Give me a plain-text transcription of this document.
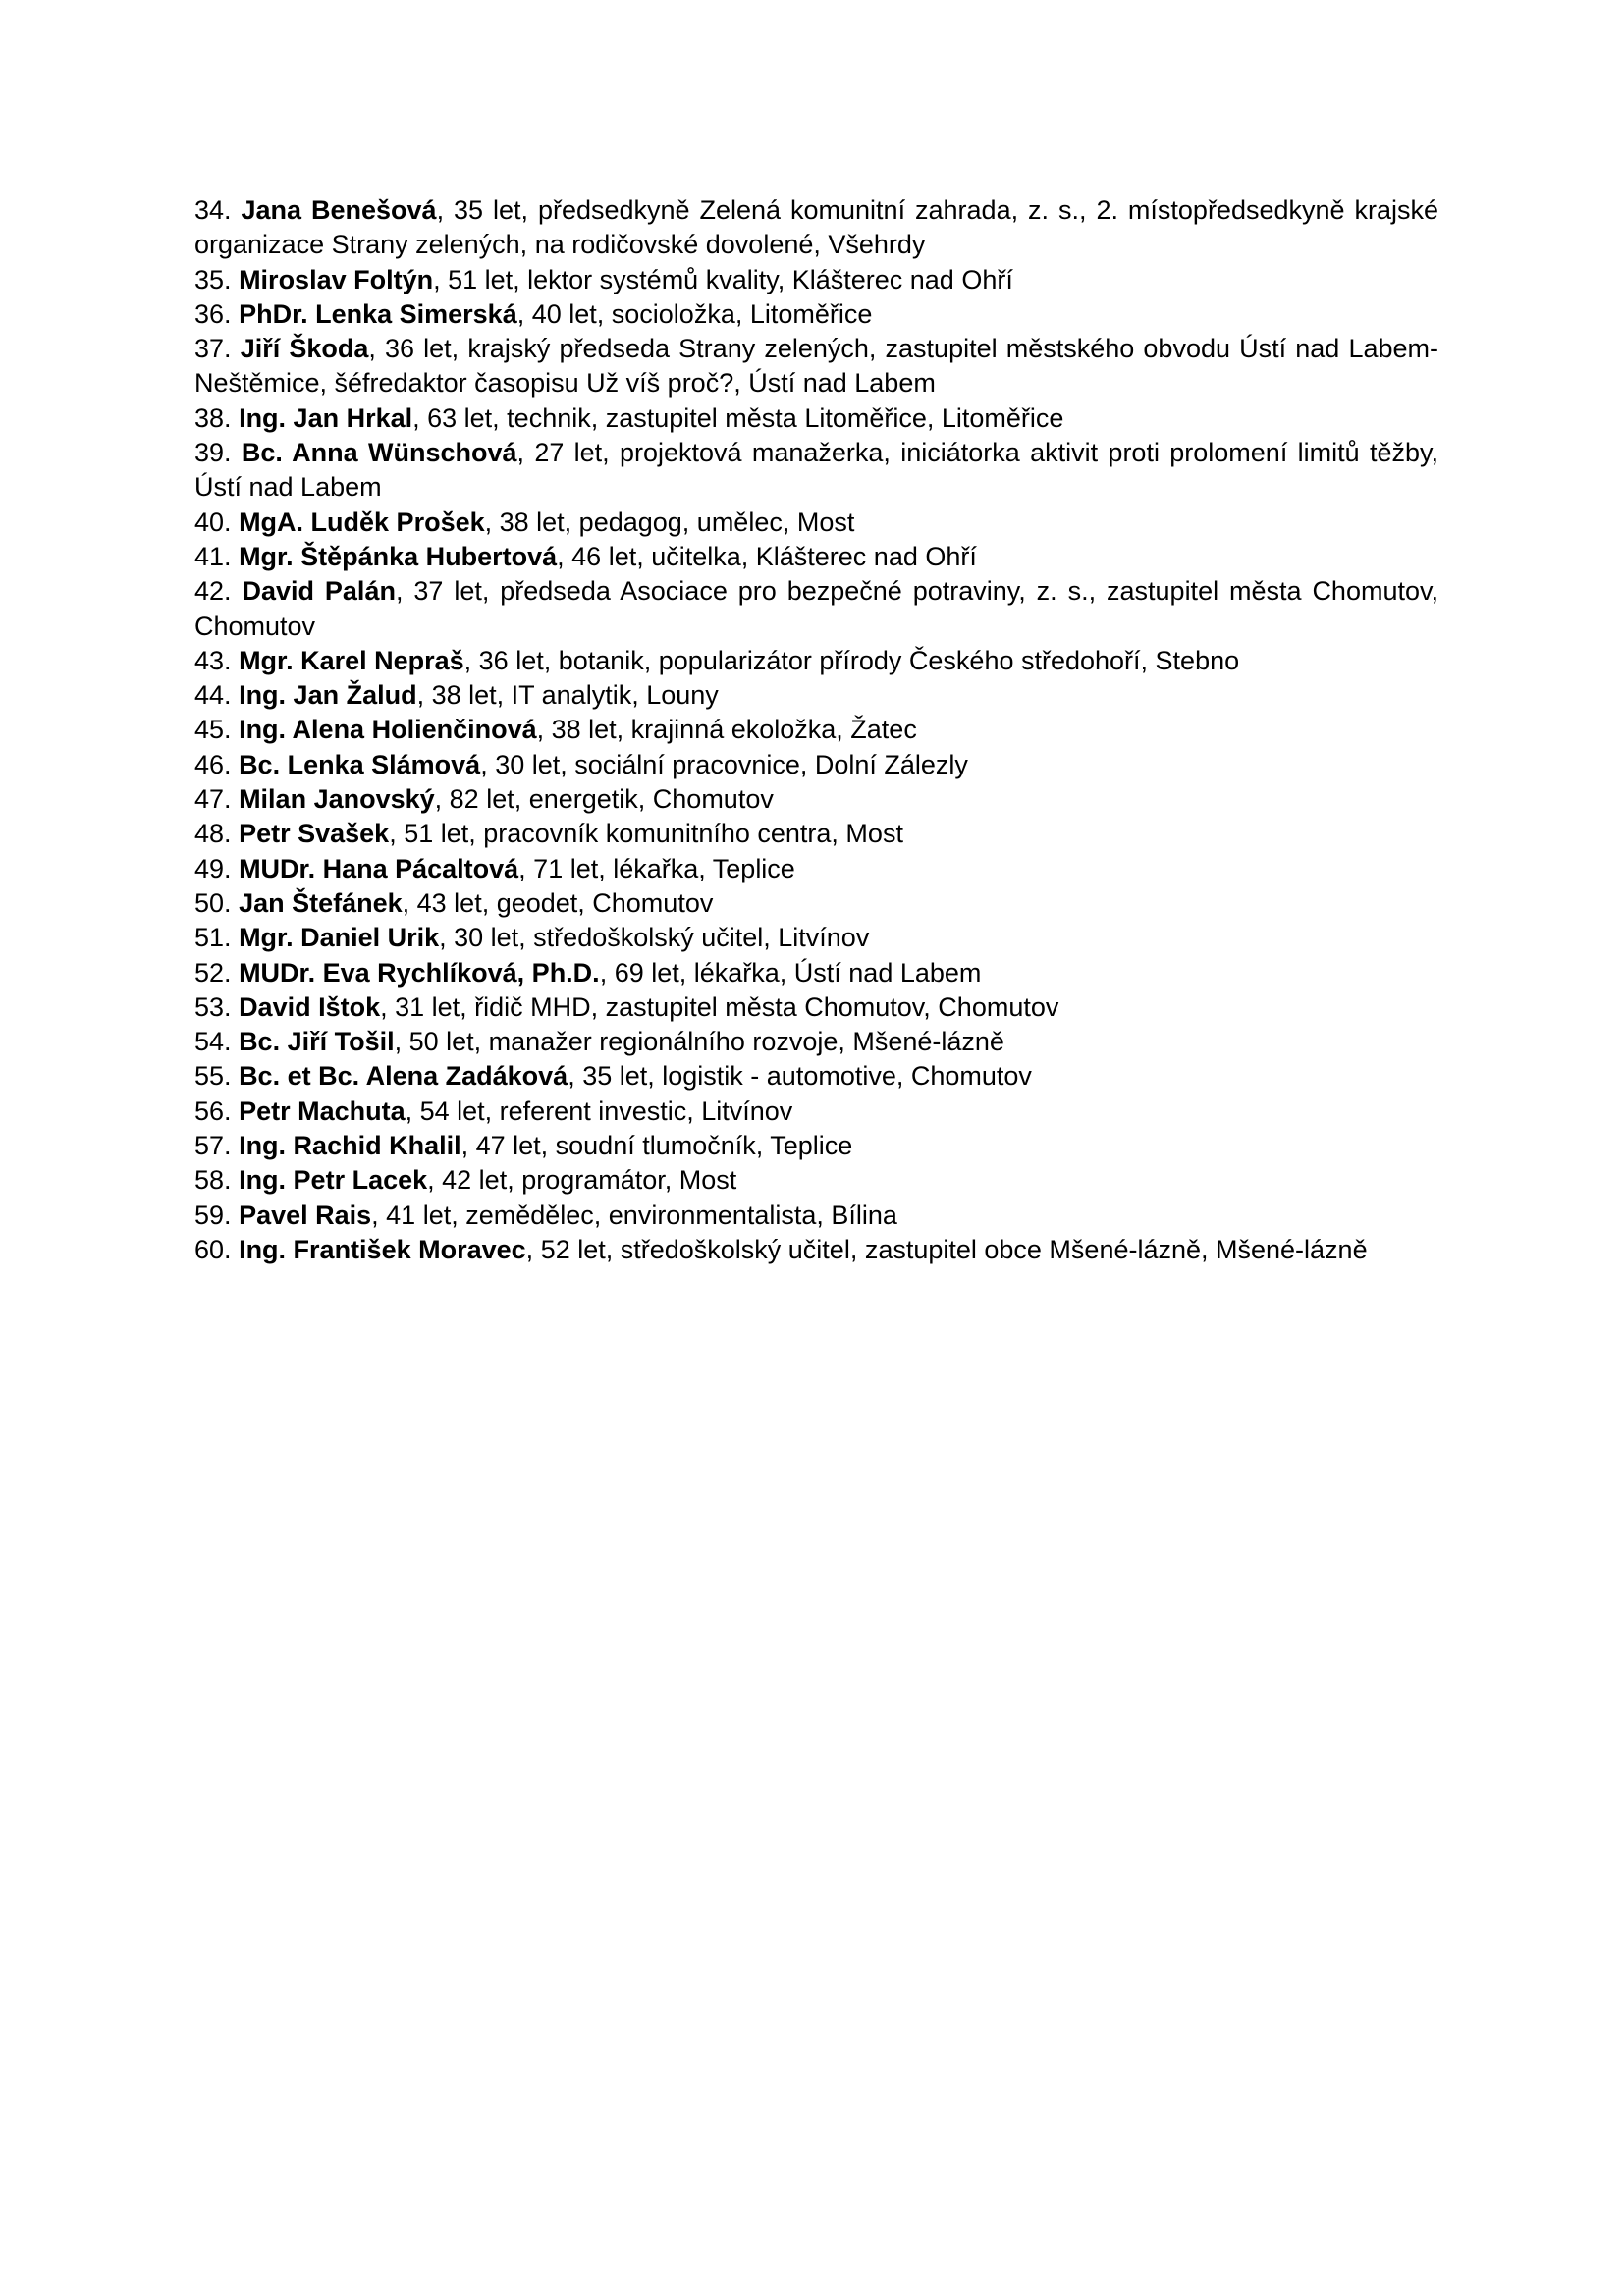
34. Jana Benešová, 35 let, předsedkyně Zelená komunitní zahrada, z. s., 2. místopředsedkyně krajské organizace Strany zelených, na rodičovské dovolené, Všehrdy

35. Miroslav Foltýn, 51 let, lektor systémů kvality, Klášterec nad Ohří

36. PhDr. Lenka Simerská, 40 let, socioložka, Litoměřice

37. Jiří Škoda, 36 let, krajský předseda Strany zelených, zastupitel městského obvodu Ústí nad Labem-Neštěmice, šéfredaktor časopisu Už víš proč?, Ústí nad Labem

38. Ing. Jan Hrkal, 63 let, technik, zastupitel města Litoměřice, Litoměřice

39. Bc. Anna Wünschová, 27 let, projektová manažerka, iniciátorka aktivit proti prolomení limitů těžby, Ústí nad Labem

40. MgA. Luděk Prošek, 38 let, pedagog, umělec, Most

41. Mgr. Štěpánka Hubertová, 46 let, učitelka, Klášterec nad Ohří

42. David Palán, 37 let, předseda Asociace pro bezpečné potraviny, z. s., zastupitel města Chomutov, Chomutov

43. Mgr. Karel Nepraš, 36 let, botanik, popularizátor přírody Českého středohoří, Stebno

44. Ing. Jan Žalud, 38 let, IT analytik, Louny

45. Ing. Alena Holienčinová, 38 let, krajinná ekoložka, Žatec

46. Bc. Lenka Slámová, 30 let, sociální pracovnice, Dolní Zálezly

47. Milan Janovský, 82 let, energetik, Chomutov

48. Petr Svašek, 51 let, pracovník komunitního centra, Most

49. MUDr. Hana Pácaltová, 71 let, lékařka, Teplice

50. Jan Štefánek, 43 let, geodet, Chomutov

51. Mgr. Daniel Urik, 30 let, středoškolský učitel, Litvínov

52. MUDr. Eva Rychlíková, Ph.D., 69 let, lékařka, Ústí nad Labem

53. David Ištok, 31 let, řidič MHD, zastupitel města Chomutov, Chomutov

54. Bc. Jiří Tošil, 50 let, manažer regionálního rozvoje, Mšené-lázně

55. Bc. et Bc. Alena Zadáková, 35 let, logistik - automotive, Chomutov

56. Petr Machuta, 54 let, referent investic, Litvínov

57. Ing. Rachid Khalil, 47 let, soudní tlumočník, Teplice

58. Ing. Petr Lacek, 42 let, programátor, Most

59. Pavel Rais, 41 let, zemědělec, environmentalista, Bílina

60. Ing. František Moravec, 52 let, středoškolský učitel, zastupitel obce Mšené-lázně, Mšené-lázně
